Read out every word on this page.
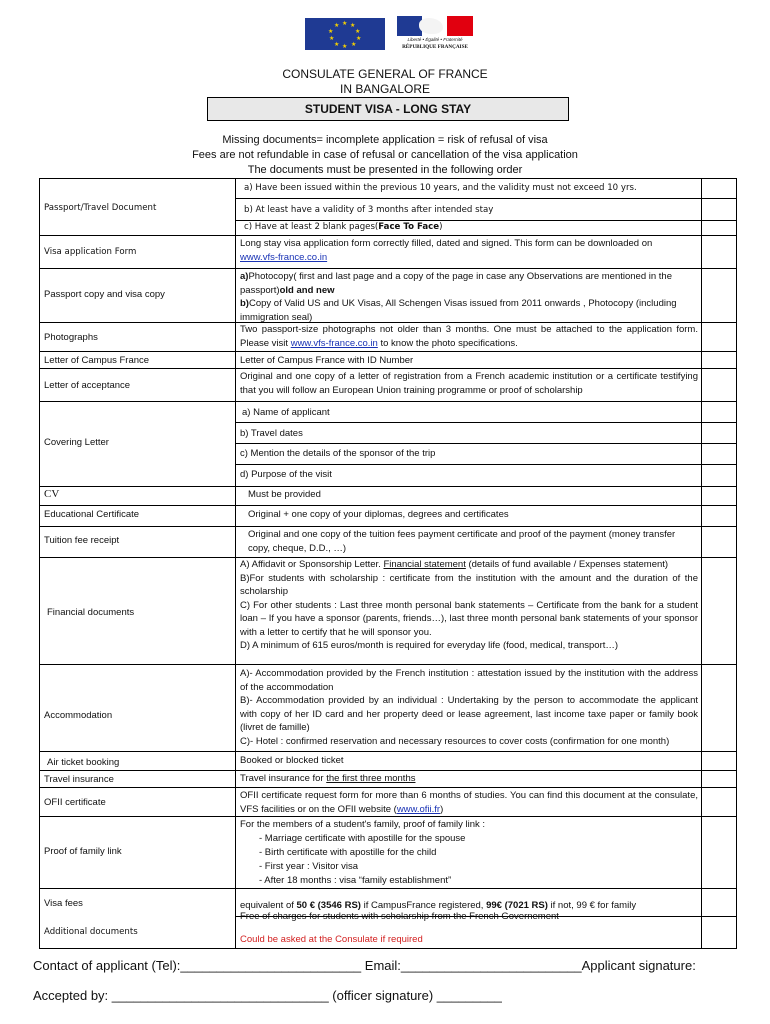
★ ★
★
★
★
★
★
★
★
★
Liberté • Égalité • Fraternité
RÉPUBLIQUE FRANÇAISE
CONSULATE GENERAL OF FRANCE
IN BANGALORE
STUDENT VISA - LONG STAY
Missing documents= incomplete application = risk of refusal of visa
Fees are not refundable in case of refusal or cancellation of the visa application
The documents must be presented in the following order
Passport/Travel Document
Visa application Form
Passport copy and visa copy
Photographs
Letter of Campus France
Letter of acceptance
Covering Letter
CV
Educational Certificate
Tuition fee receipt
Financial documents
Accommodation
Air ticket booking
Travel insurance
OFII certificate
Proof of family link
Visa fees
Additional documents
a) Have been issued within the previous 10 years, and the validity must not exceed 10 yrs.
b) At least have a validity of 3 months after intended stay
c) Have at least 2 blank pages(Face To Face)
Long stay visa application form correctly filled, dated and signed. This form can be downloaded on
www.vfs-france.co.in
a)Photocopy( first and last page and a copy of the page in case any Observations are mentioned in the passport)old and new
b)Copy of Valid US and UK Visas, All Schengen Visas issued from 2011 onwards , Photocopy (including immigration seal)
Two passport-size photographs not older than 3 months. One must be attached to the application form. Please visit www.vfs-france.co.in to know the photo specifications.
Letter of Campus France with ID Number
Original and one copy of a letter of registration from a French academic institution or a certificate testifying that you will follow an European Union training programme or proof of scholarship
a) Name of applicant
b) Travel dates
c) Mention the details of the sponsor of the trip
d) Purpose of the visit
Must be provided
Original + one copy of your diplomas, degrees and certificates
Original and one copy of the tuition fees payment certificate and proof of the payment (money transfer copy, cheque, D.D., …)
A) Affidavit or Sponsorship Letter. Financial statement (details of fund available / Expenses statement)
B)For students with scholarship : certificate from the institution with the amount and the duration of the scholarship
C) For other students : Last three month personal bank statements – Certificate from the bank for a student loan – If you have a sponsor (parents, friends…), last three month personal bank statements of your sponsor with a letter to certify that he will sponsor you.
D) A minimum of 615 euros/month is required for everyday life (food, medical, transport…)
A)- Accommodation provided by the French institution : attestation issued by the institution with the address of the accommodation
B)- Accommodation provided by an individual : Undertaking by the person to accommodate the applicant with copy of her ID card and her property deed or lease agreement, last income taxe paper or family book (livret de famille)
C)- Hotel : confirmed reservation and necessary resources to cover costs (confirmation for one month)
Booked or blocked ticket
Travel insurance for the first three months
OFII certificate request form for more than 6 months of studies. You can find this document at the consulate, VFS facilities or on the OFII website (www.ofii.fr)
For the members of a student's family, proof of family link :
- Marriage certificate with apostille for the spouse
- Birth certificate with apostille for the child
- First year : Visitor visa
- After 18 months : visa “family establishment”
equivalent of 50 € (3546 RS) if CampusFrance registered, 99€ (7021 RS) if not, 99 € for family
Free of charges for students with scholarship from the French Governement
Could be asked at the Consulate if required
Contact of applicant (Tel):_________________________ Email:_________________________Applicant signature:
Accepted by: ______________________________ (officer signature) _________
